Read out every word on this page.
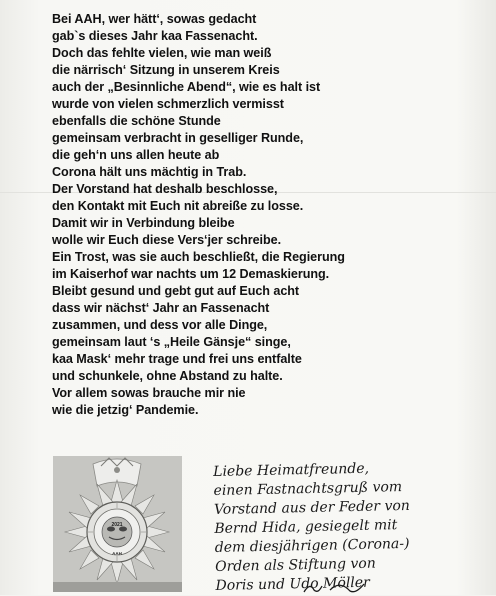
Bei AAH, wer hätt‘, sowas gedacht
gab`s dieses Jahr kaa Fassenacht.
Doch das fehlte vielen, wie man weiß
die närrisch‘ Sitzung in unserem Kreis
auch der „Besinnliche Abend“, wie es halt ist
wurde von vielen schmerzlich vermisst
ebenfalls die schöne Stunde
gemeinsam verbracht in geselliger Runde,
die geh‘n uns allen heute ab
Corona hält uns mächtig in Trab.
Der Vorstand hat deshalb beschlosse,
den Kontakt mit Euch nit abreiße zu losse.
Damit wir in Verbindung bleibe
wolle wir Euch diese Vers‘jer schreibe.
Ein Trost, was sie auch beschließt, die Regierung
im Kaiserhof war nachts um 12 Demaskierung.
Bleibt gesund und gebt gut auf Euch acht
dass wir nächst‘ Jahr an Fassenacht
zusammen, und dess vor alle Dinge,
gemeinsam laut ‘s „Heile Gänsje“ singe,
kaa Mask‘ mehr trage und frei uns entfalte
und schunkele, ohne Abstand zu halte.
Vor allem sowas brauche mir nie
wie die jetzig‘ Pandemie.
2021
AAH
Liebe Heimatfreunde,
einen Fastnachtsgruß vom
Vorstand aus der Feder von
Bernd Hida, gesiegelt mit
dem diesjährigen (Corona-)
Orden als Stiftung von
Doris und Udo Möller
